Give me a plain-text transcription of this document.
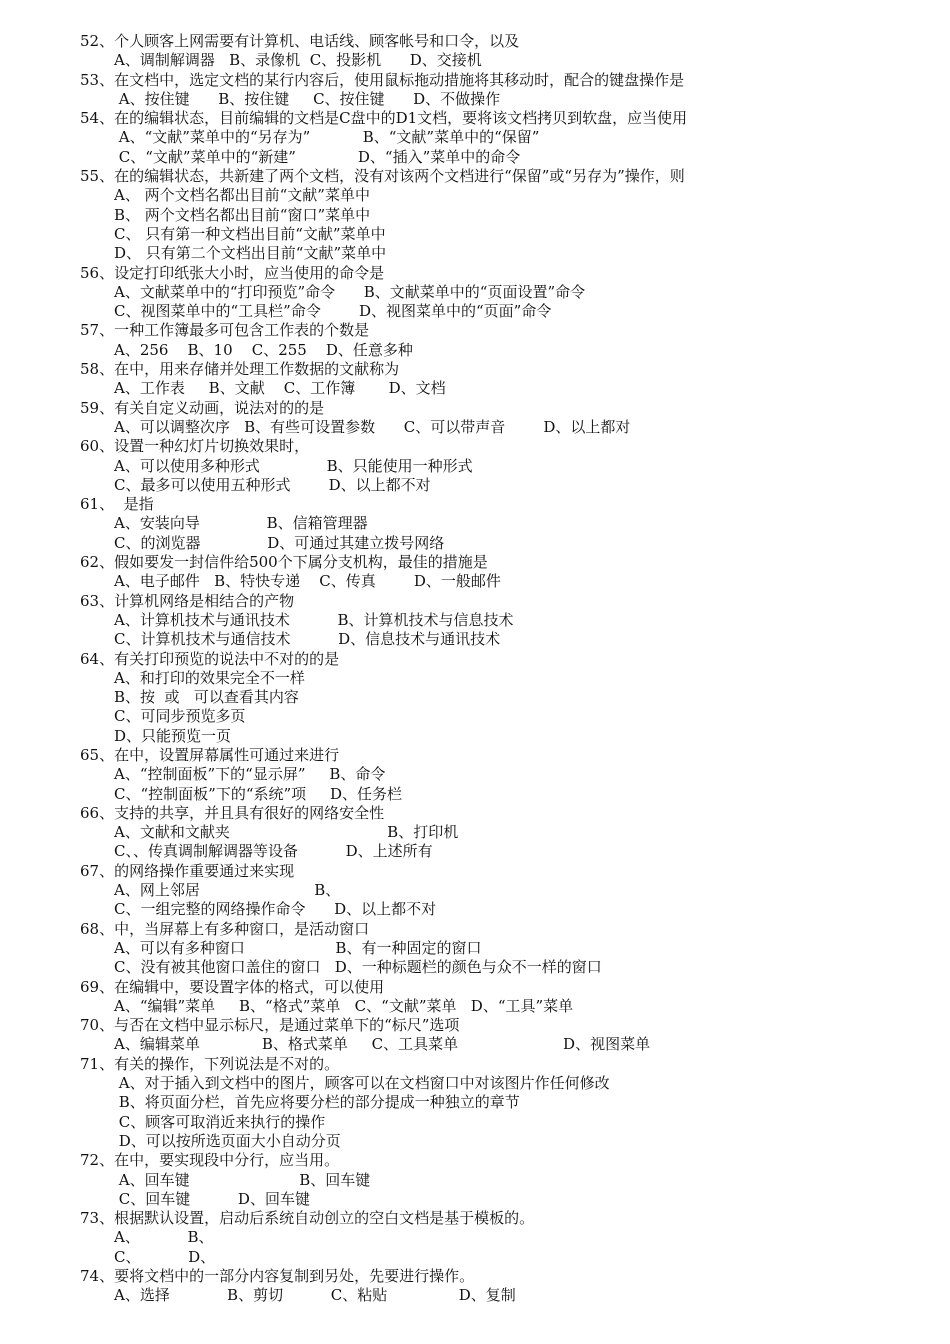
52、个人顾客上网需要有计算机、电话线、顾客帐号和口令，以及
A、调制解调器   B、录像机  C、投影机      D、交接机
53、在文档中，选定文档的某行内容后，使用鼠标拖动措施将其移动时，配合的键盘操作是
A、按住键      B、按住键     C、按住键      D、不做操作
54、在的编辑状态，目前编辑的文档是C盘中的D1文档，要将该文档拷贝到软盘，应当使用
A、“文献”菜单中的“另存为”           B、“文献”菜单中的“保留”
C、“文献”菜单中的“新建”             D、“插入”菜单中的命令
55、在的编辑状态，共新建了两个文档，没有对该两个文档进行“保留”或“另存为”操作，则
A、 两个文档名都出目前“文献”菜单中
B、 两个文档名都出目前“窗口”菜单中
C、 只有第一种文档出目前“文献”菜单中
D、 只有第二个文档出目前“文献”菜单中
56、设定打印纸张大小时，应当使用的命令是
A、文献菜单中的“打印预览”命令      B、文献菜单中的“页面设置”命令
C、视图菜单中的“工具栏”命令        D、视图菜单中的“页面”命令
57、一种工作簿最多可包含工作表的个数是
A、256    B、10    C、255    D、任意多种
58、在中，用来存储并处理工作数据的文献称为
A、工作表     B、文献    C、工作簿       D、文档
59、有关自定义动画，说法对的的是
A、可以调整次序   B、有些可设置参数      C、可以带声音        D、以上都对
60、设置一种幻灯片切换效果时，
A、可以使用多种形式              B、只能使用一种形式
C、最多可以使用五种形式        D、以上都不对
61、  是指
A、安装向导              B、信箱管理器
C、的浏览器              D、可通过其建立拨号网络
62、假如要发一封信件给500个下属分支机构，最佳的措施是
A、电子邮件   B、特快专递    C、传真        D、一般邮件
63、计算机网络是相结合的产物
A、计算机技术与通讯技术          B、计算机技术与信息技术
C、计算机技术与通信技术          D、信息技术与通讯技术
64、有关打印预览的说法中不对的的是
A、和打印的效果完全不一样
B、按  或   可以查看其内容
C、可同步预览多页
D、只能预览一页
65、在中，设置屏幕属性可通过来进行
A、“控制面板”下的“显示屏”     B、命令
C、“控制面板”下的“系统”项     D、任务栏
66、支持的共享，并且具有很好的网络安全性
A、文献和文献夹                                 B、打印机
C、、传真调制解调器等设备          D、上述所有
67、的网络操作重要通过来实现
A、网上邻居                        B、
C、一组完整的网络操作命令      D、以上都不对
68、中，当屏幕上有多种窗口，是活动窗口
A、可以有多种窗口                   B、有一种固定的窗口
C、没有被其他窗口盖住的窗口   D、一种标题栏的颜色与众不一样的窗口
69、在编辑中，要设置字体的格式，可以使用
A、“编辑”菜单     B、“格式”菜单   C、“文献”菜单   D、“工具”菜单
70、与否在文档中显示标尺，是通过菜单下的“标尺”选项
A、编辑菜单             B、格式菜单     C、工具菜单                      D、视图菜单
71、有关的操作，下列说法是不对的。
A、对于插入到文档中的图片，顾客可以在文档窗口中对该图片作任何修改
B、将页面分栏，首先应将要分栏的部分提成一种独立的章节
C、顾客可取消近来执行的操作
D、可以按所选页面大小自动分页
72、在中，要实现段中分行，应当用。
A、回车键                       B、回车键
C、回车键          D、回车键
73、根据默认设置，启动后系统自动创立的空白文档是基于模板的。
A、          B、
C、          D、
74、要将文档中的一部分内容复制到另处，先要进行操作。
A、选择            B、剪切          C、粘贴               D、复制
